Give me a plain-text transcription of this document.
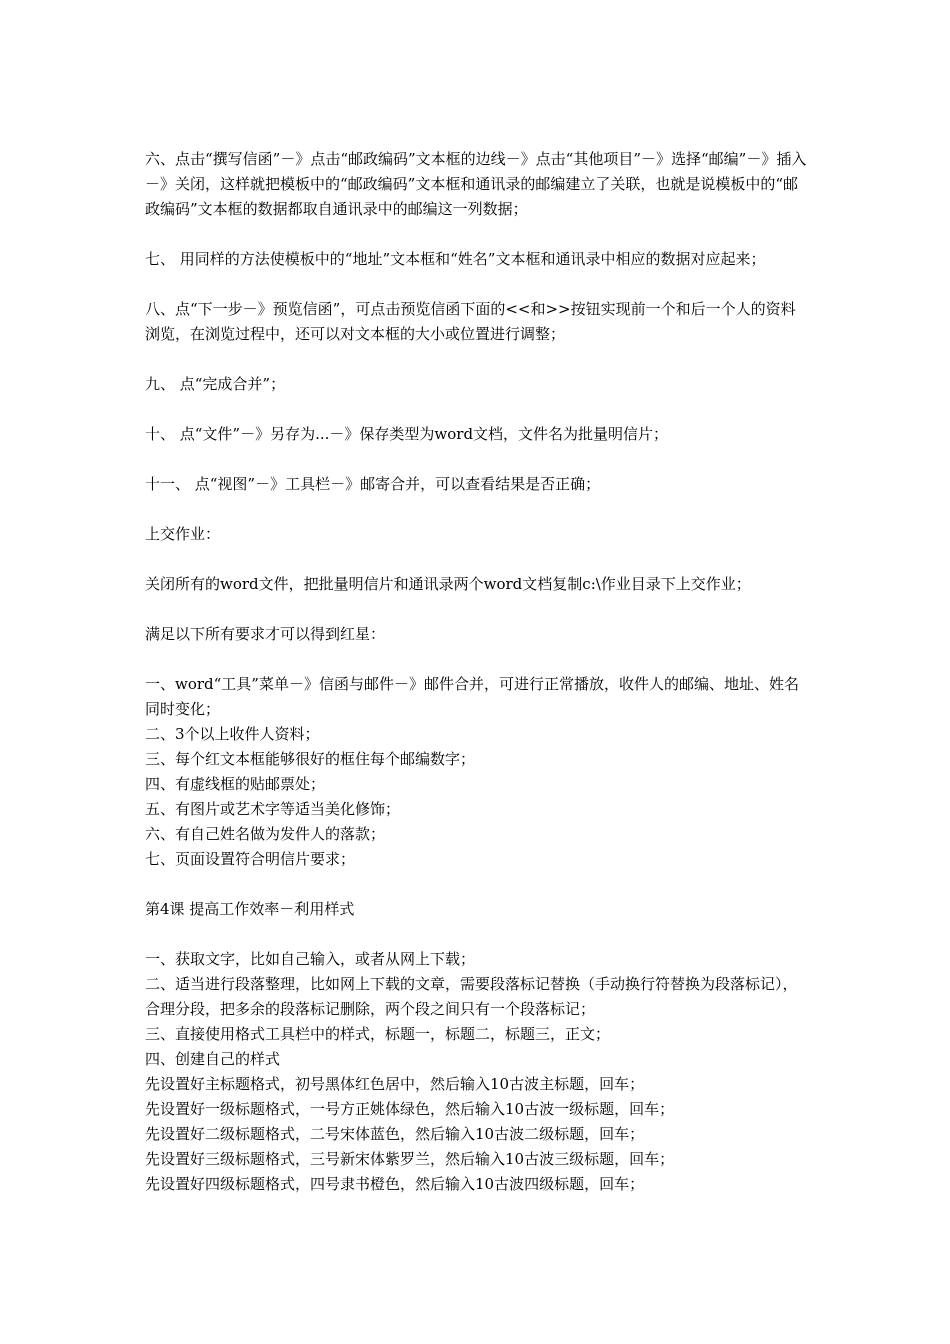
六、点击“撰写信函”－》点击“邮政编码”文本框的边线－》点击“其他项目”－》选择“邮编”－》插入－》关闭，这样就把模板中的“邮政编码”文本框和通讯录的邮编建立了关联，也就是说模板中的“邮政编码”文本框的数据都取自通讯录中的邮编这一列数据；

七、 用同样的方法使模板中的“地址”文本框和“姓名”文本框和通讯录中相应的数据对应起来；

八、点“下一步－》预览信函”，可点击预览信函下面的<<和>>按钮实现前一个和后一个人的资料浏览，在浏览过程中，还可以对文本框的大小或位置进行调整；

九、 点“完成合并”；

十、 点“文件”－》另存为...－》保存类型为word文档，文件名为批量明信片；

十一、 点“视图”－》工具栏－》邮寄合并，可以查看结果是否正确；

上交作业：

关闭所有的word文件，把批量明信片和通讯录两个word文档复制c:\作业目录下上交作业；

满足以下所有要求才可以得到红星：

一、word“工具”菜单－》信函与邮件－》邮件合并，可进行正常播放，收件人的邮编、地址、姓名同时变化；

二、3个以上收件人资料；

三、每个红文本框能够很好的框住每个邮编数字；

四、有虚线框的贴邮票处；

五、有图片或艺术字等适当美化修饰；

六、有自己姓名做为发件人的落款；

七、页面设置符合明信片要求；

第4课 提高工作效率－利用样式

一、获取文字，比如自己输入，或者从网上下载；

二、适当进行段落整理，比如网上下载的文章，需要段落标记替换（手动换行符替换为段落标记），合理分段，把多余的段落标记删除，两个段之间只有一个段落标记；

三、直接使用格式工具栏中的样式，标题一，标题二，标题三，正文；

四、创建自己的样式

先设置好主标题格式，初号黑体红色居中，然后输入10古波主标题，回车；

先设置好一级标题格式，一号方正姚体绿色，然后输入10古波一级标题，回车；

先设置好二级标题格式，二号宋体蓝色，然后输入10古波二级标题，回车；

先设置好三级标题格式，三号新宋体紫罗兰，然后输入10古波三级标题，回车；

先设置好四级标题格式，四号隶书橙色，然后输入10古波四级标题，回车；
